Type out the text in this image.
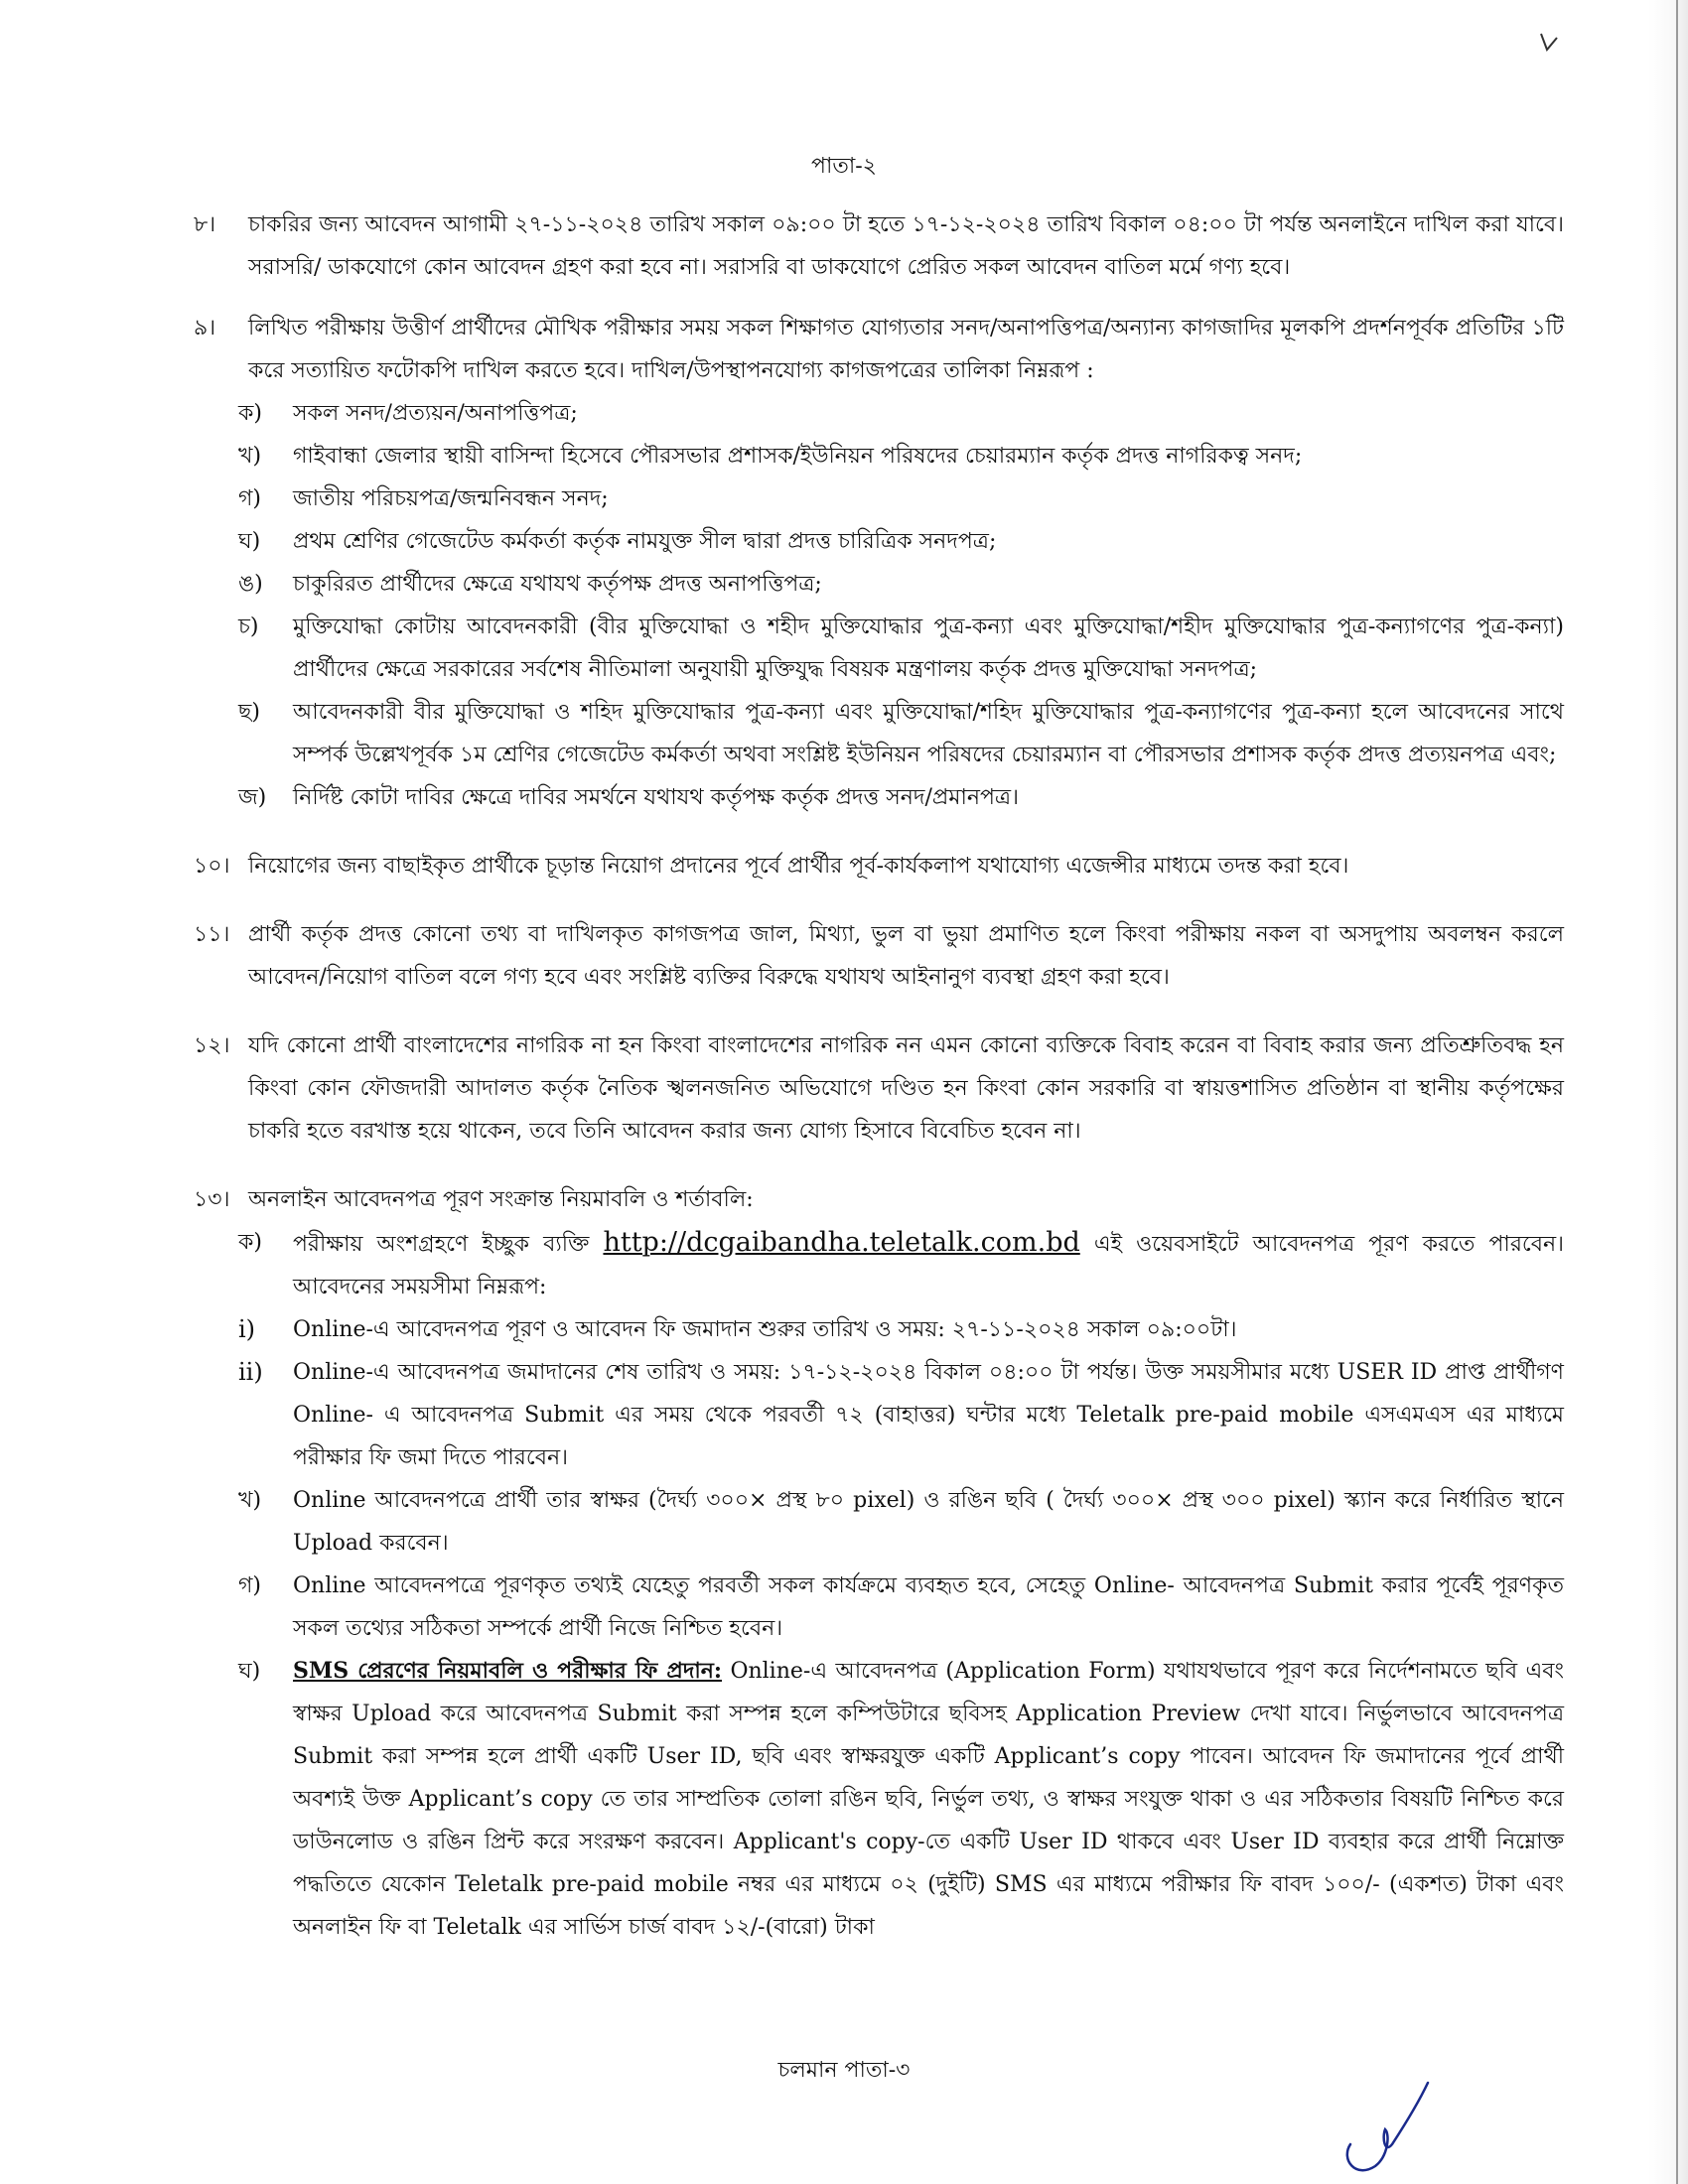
পাতা-২
৮। চাকরির জন্য আবেদন আগামী ২৭-১১-২০২৪ তারিখ সকাল ০৯:০০ টা হতে ১৭-১২-২০২৪ তারিখ বিকাল ০৪:০০ টা পর্যন্ত অনলাইনে দাখিল করা যাবে। সরাসরি/ ডাকযোগে কোন আবেদন গ্রহণ করা হবে না। সরাসরি বা ডাকযোগে প্রেরিত সকল আবেদন বাতিল মর্মে গণ্য হবে।
৯। লিখিত পরীক্ষায় উত্তীর্ণ প্রার্থীদের মৌখিক পরীক্ষার সময় সকল শিক্ষাগত যোগ্যতার সনদ/অনাপত্তিপত্র/অন্যান্য কাগজাদির মূলকপি প্রদর্শনপূর্বক প্রতিটির ১টি করে সত্যায়িত ফটোকপি দাখিল করতে হবে। দাখিল/উপস্থাপনযোগ্য কাগজপত্রের তালিকা নিম্নরূপ :
ক) সকল সনদ/প্রত্যয়ন/অনাপত্তিপত্র;
খ) গাইবান্ধা জেলার স্থায়ী বাসিন্দা হিসেবে পৌরসভার প্রশাসক/ইউনিয়ন পরিষদের চেয়ারম্যান কর্তৃক প্রদত্ত নাগরিকত্ব সনদ;
গ) জাতীয় পরিচয়পত্র/জন্মনিবন্ধন সনদ;
ঘ) প্রথম শ্রেণির গেজেটেড কর্মকর্তা কর্তৃক নামযুক্ত সীল দ্বারা প্রদত্ত চারিত্রিক সনদপত্র;
ঙ) চাকুরিরত প্রার্থীদের ক্ষেত্রে যথাযথ কর্তৃপক্ষ প্রদত্ত অনাপত্তিপত্র;
চ) মুক্তিযোদ্ধা কোটায় আবেদনকারী (বীর মুক্তিযোদ্ধা ও শহীদ মুক্তিযোদ্ধার পুত্র-কন্যা এবং মুক্তিযোদ্ধা/শহীদ মুক্তিযোদ্ধার পুত্র-কন্যাগণের পুত্র-কন্যা) প্রার্থীদের ক্ষেত্রে সরকারের সর্বশেষ নীতিমালা অনুযায়ী মুক্তিযুদ্ধ বিষয়ক মন্ত্রণালয় কর্তৃক প্রদত্ত মুক্তিযোদ্ধা সনদপত্র;
ছ) আবেদনকারী বীর মুক্তিযোদ্ধা ও শহিদ মুক্তিযোদ্ধার পুত্র-কন্যা এবং মুক্তিযোদ্ধা/শহিদ মুক্তিযোদ্ধার পুত্র-কন্যাগণের পুত্র-কন্যা হলে আবেদনের সাথে সম্পর্ক উল্লেখপূর্বক ১ম শ্রেণির গেজেটেড কর্মকর্তা অথবা সংশ্লিষ্ট ইউনিয়ন পরিষদের চেয়ারম্যান বা পৌরসভার প্রশাসক কর্তৃক প্রদত্ত প্রত্যয়নপত্র এবং;
জ) নির্দিষ্ট কোটা দাবির ক্ষেত্রে দাবির সমর্থনে যথাযথ কর্তৃপক্ষ কর্তৃক প্রদত্ত সনদ/প্রমানপত্র।
১০। নিয়োগের জন্য বাছাইকৃত প্রার্থীকে চূড়ান্ত নিয়োগ প্রদানের পূর্বে প্রার্থীর পূর্ব-কার্যকলাপ যথাযোগ্য এজেন্সীর মাধ্যমে তদন্ত করা হবে।
১১। প্রার্থী কর্তৃক প্রদত্ত কোনো তথ্য বা দাখিলকৃত কাগজপত্র জাল, মিথ্যা, ভুল বা ভুয়া প্রমাণিত হলে কিংবা পরীক্ষায় নকল বা অসদুপায় অবলম্বন করলে আবেদন/নিয়োগ বাতিল বলে গণ্য হবে এবং সংশ্লিষ্ট ব্যক্তির বিরুদ্ধে যথাযথ আইনানুগ ব্যবস্থা গ্রহণ করা হবে।
১২। যদি কোনো প্রার্থী বাংলাদেশের নাগরিক না হন কিংবা বাংলাদেশের নাগরিক নন এমন কোনো ব্যক্তিকে বিবাহ করেন বা বিবাহ করার জন্য প্রতিশ্রুতিবদ্ধ হন কিংবা কোন ফৌজদারী আদালত কর্তৃক নৈতিক স্খলনজনিত অভিযোগে দণ্ডিত হন কিংবা কোন সরকারি বা স্বায়ত্তশাসিত প্রতিষ্ঠান বা স্থানীয় কর্তৃপক্ষের চাকরি হতে বরখাস্ত হয়ে থাকেন, তবে তিনি আবেদন করার জন্য যোগ্য হিসাবে বিবেচিত হবেন না।
১৩। অনলাইন আবেদনপত্র পূরণ সংক্রান্ত নিয়মাবলি ও শর্তাবলি:
ক) পরীক্ষায় অংশগ্রহণে ইচ্ছুক ব্যক্তি http://dcgaibandha.teletalk.com.bd এই ওয়েবসাইটে আবেদনপত্র পূরণ করতে পারবেন। আবেদনের সময়সীমা নিম্নরূপ:
i) Online-এ আবেদনপত্র পূরণ ও আবেদন ফি জমাদান শুরুর তারিখ ও সময়: ২৭-১১-২০২৪ সকাল ০৯:০০টা।
ii) Online-এ আবেদনপত্র জমাদানের শেষ তারিখ ও সময়: ১৭-১২-২০২৪ বিকাল ০৪:০০ টা পর্যন্ত। উক্ত সময়সীমার মধ্যে USER ID প্রাপ্ত প্রার্থীগণ Online- এ আবেদনপত্র Submit এর সময় থেকে পরবর্তী ৭২ (বাহাত্তর) ঘন্টার মধ্যে Teletalk pre-paid mobile এসএমএস এর মাধ্যমে পরীক্ষার ফি জমা দিতে পারবেন।
খ) Online আবেদনপত্রে প্রার্থী তার স্বাক্ষর (দৈর্ঘ্য ৩০০× প্রস্থ ৮০ pixel) ও রঙিন ছবি ( দৈর্ঘ্য ৩০০× প্রস্থ ৩০০ pixel) স্ক্যান করে নির্ধারিত স্থানে Upload করবেন।
গ) Online আবেদনপত্রে পূরণকৃত তথ্যই যেহেতু পরবর্তী সকল কার্যক্রমে ব্যবহৃত হবে, সেহেতু Online- আবেদনপত্র Submit করার পূর্বেই পূরণকৃত সকল তথ্যের সঠিকতা সম্পর্কে প্রার্থী নিজে নিশ্চিত হবেন।
ঘ) SMS প্রেরণের নিয়মাবলি ও পরীক্ষার ফি প্রদান: Online-এ আবেদনপত্র (Application Form) যথাযথভাবে পূরণ করে নির্দেশনামতে ছবি এবং স্বাক্ষর Upload করে আবেদনপত্র Submit করা সম্পন্ন হলে কম্পিউটারে ছবিসহ Application Preview দেখা যাবে। নির্ভুলভাবে আবেদনপত্র Submit করা সম্পন্ন হলে প্রার্থী একটি User ID, ছবি এবং স্বাক্ষরযুক্ত একটি Applicant’s copy পাবেন। আবেদন ফি জমাদানের পূর্বে প্রার্থী অবশ্যই উক্ত Applicant’s copy তে তার সাম্প্রতিক তোলা রঙিন ছবি, নির্ভুল তথ্য, ও স্বাক্ষর সংযুক্ত থাকা ও এর সঠিকতার বিষয়টি নিশ্চিত করে ডাউনলোড ও রঙিন প্রিন্ট করে সংরক্ষণ করবেন। Applicant's copy-তে একটি User ID থাকবে এবং User ID ব্যবহার করে প্রার্থী নিম্নোক্ত পদ্ধতিতে যেকোন Teletalk pre-paid mobile নম্বর এর মাধ্যমে ০২ (দুইটি) SMS এর মাধ্যমে পরীক্ষার ফি বাবদ ১০০/- (একশত) টাকা এবং অনলাইন ফি বা Teletalk এর সার্ভিস চার্জ বাবদ ১২/-(বারো) টাকা
চলমান পাতা-৩
